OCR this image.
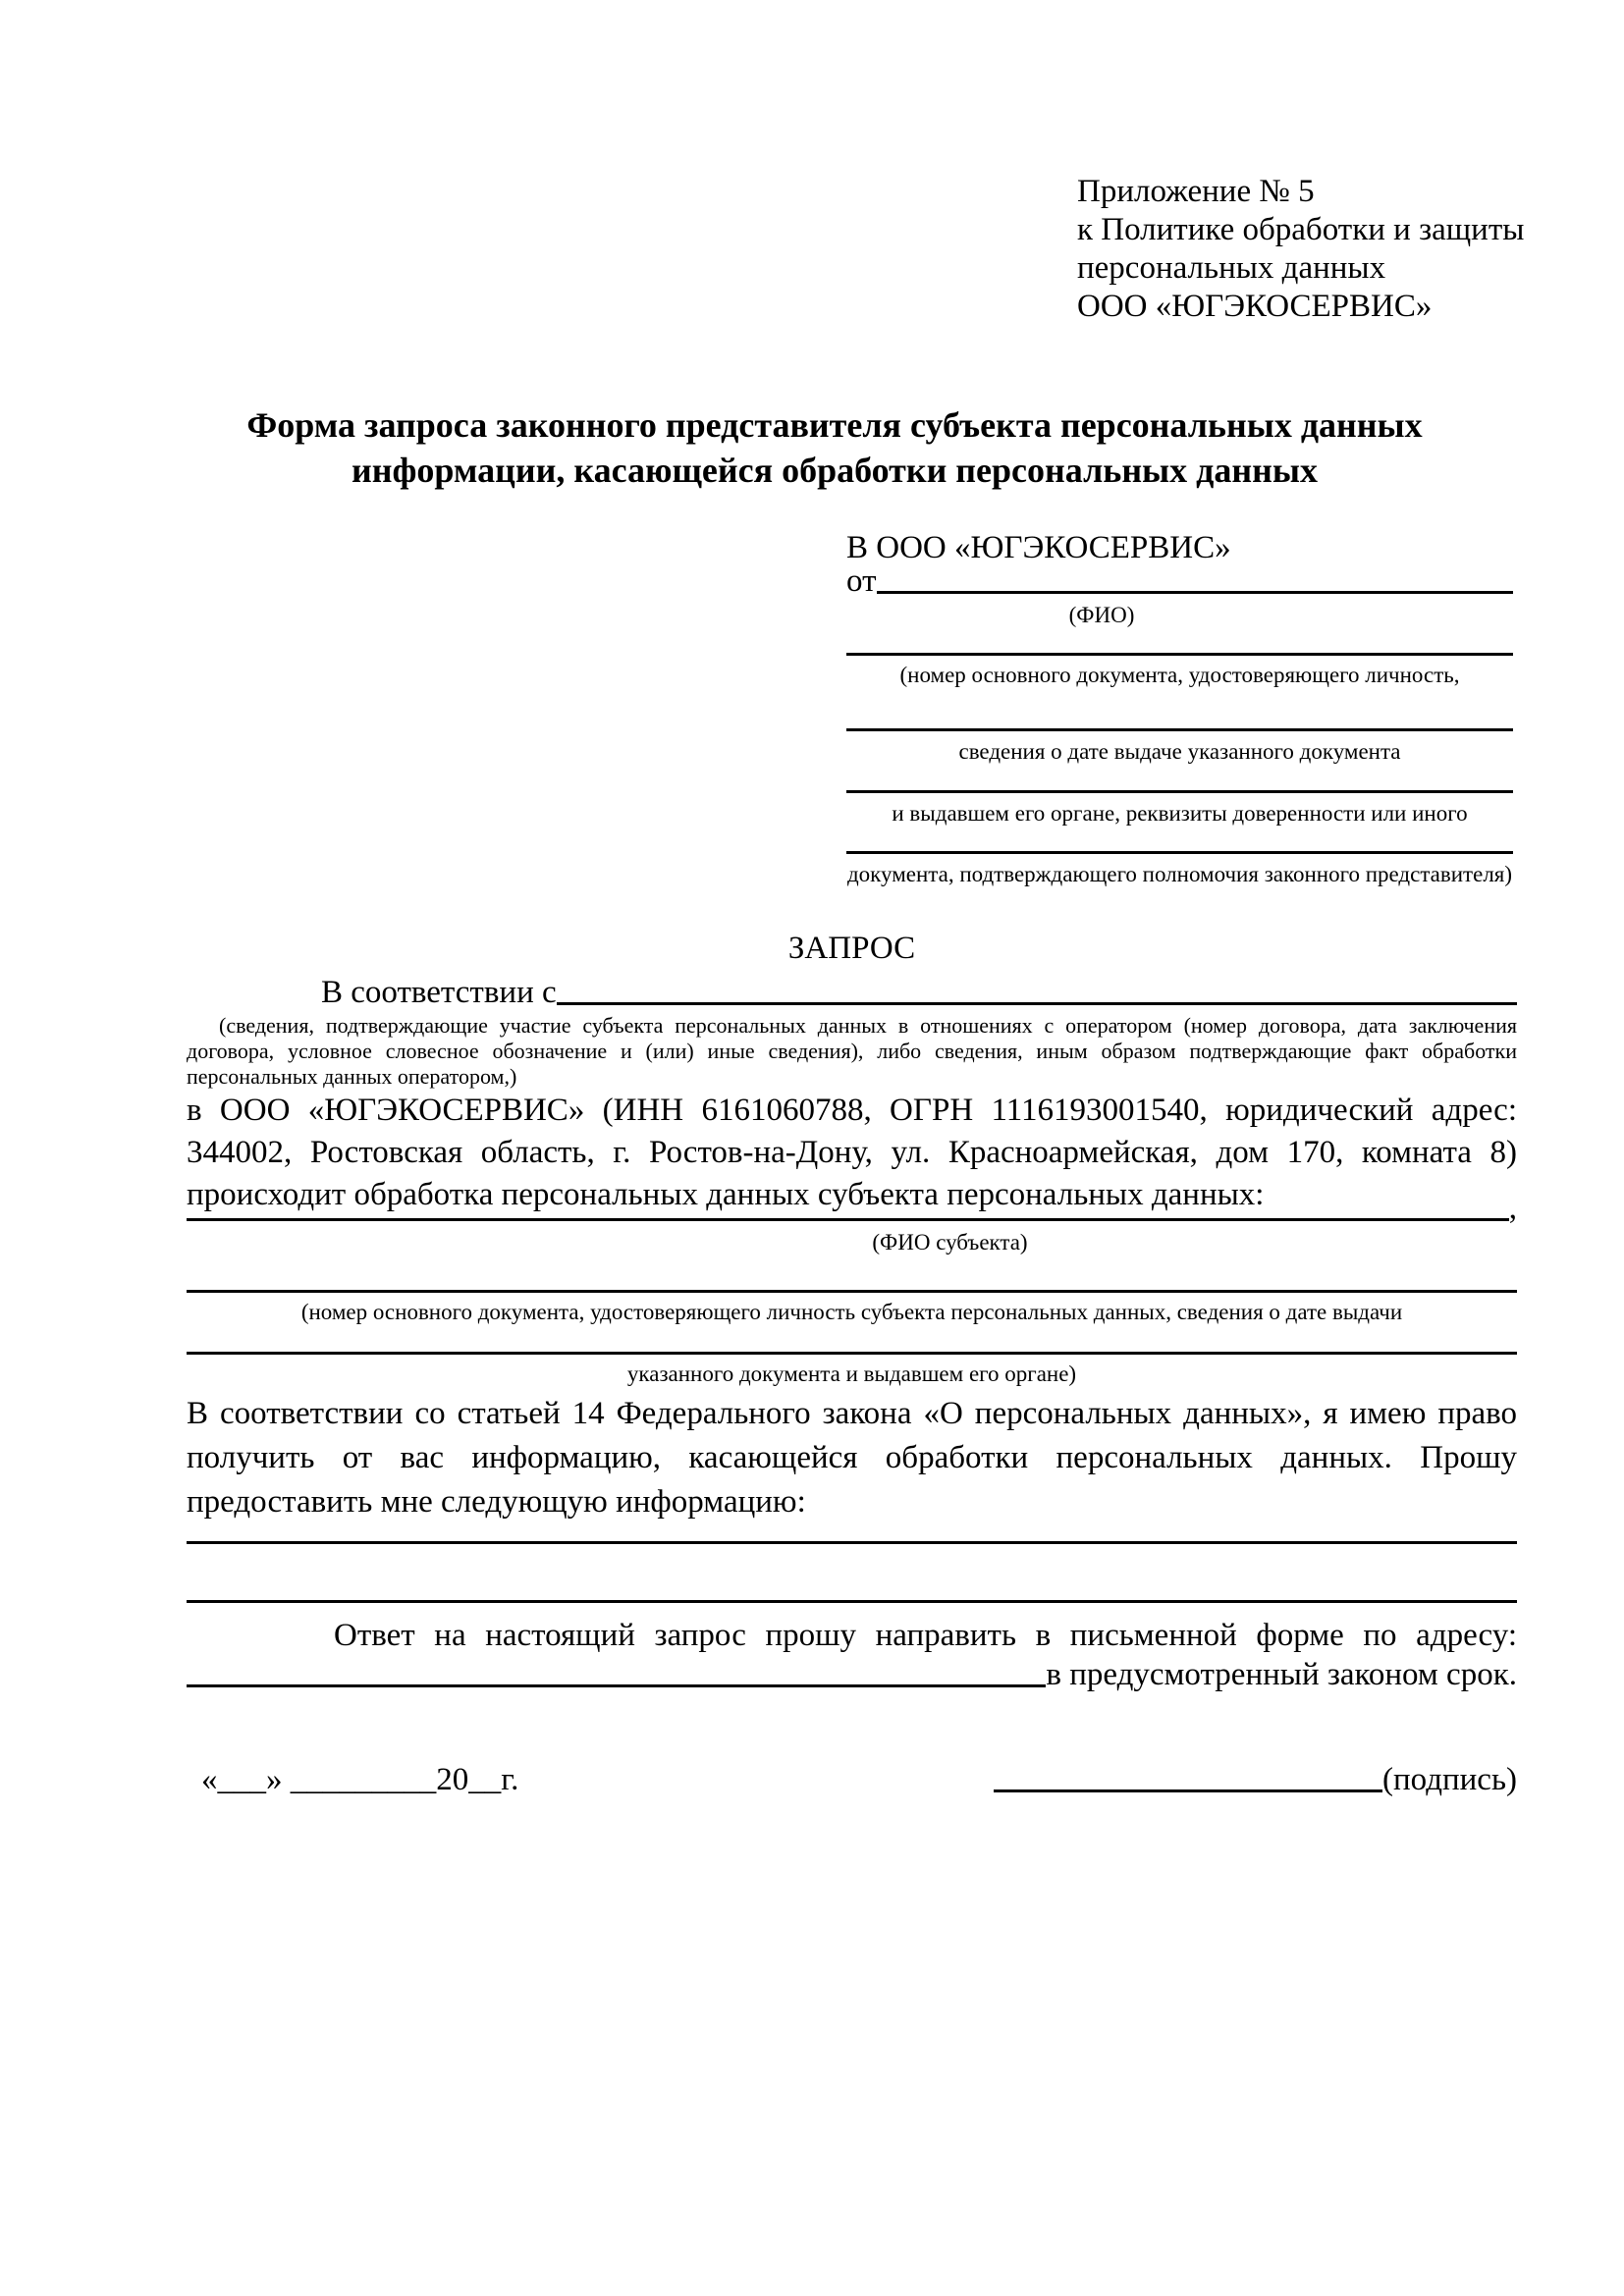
Приложение № 5
к Политике обработки и защиты
персональных данных
ООО «ЮГЭКОСЕРВИС»
Форма запроса законного представителя субъекта персональных данных
информации, касающейся обработки персональных данных
В ООО «ЮГЭКОСЕРВИС»
от
(ФИО)
(номер основного документа, удостоверяющего личность,
сведения о дате выдаче указанного документа
и выдавшем его органе, реквизиты доверенности или иного
документа, подтверждающего полномочия законного представителя)
ЗАПРОС
В соответствии с
(сведения, подтверждающие участие субъекта персональных данных в отношениях с оператором (номер договора, дата заключения договора, условное словесное обозначение и (или) иные сведения), либо сведения, иным образом подтверждающие факт обработки персональных данных оператором,)
в ООО «ЮГЭКОСЕРВИС» (ИНН 6161060788, ОГРН 1116193001540, юридический адрес: 344002, Ростовская область, г. Ростов-на-Дону, ул. Красноармейская, дом 170, комната 8) происходит обработка персональных данных субъекта персональных данных:	,
(ФИО субъекта)
(номер основного документа, удостоверяющего личность субъекта персональных данных, сведения о дате выдачи
указанного документа и выдавшем его органе)
В соответствии со статьей 14 Федерального закона «О персональных данных», я имею право получить от вас информацию, касающейся обработки персональных данных. Прошу предоставить мне следующую информацию:
Ответ на настоящий запрос прошу направить в письменной форме по адресу:
в предусмотренный законом срок.
«___» _________20__г.	(подпись)
